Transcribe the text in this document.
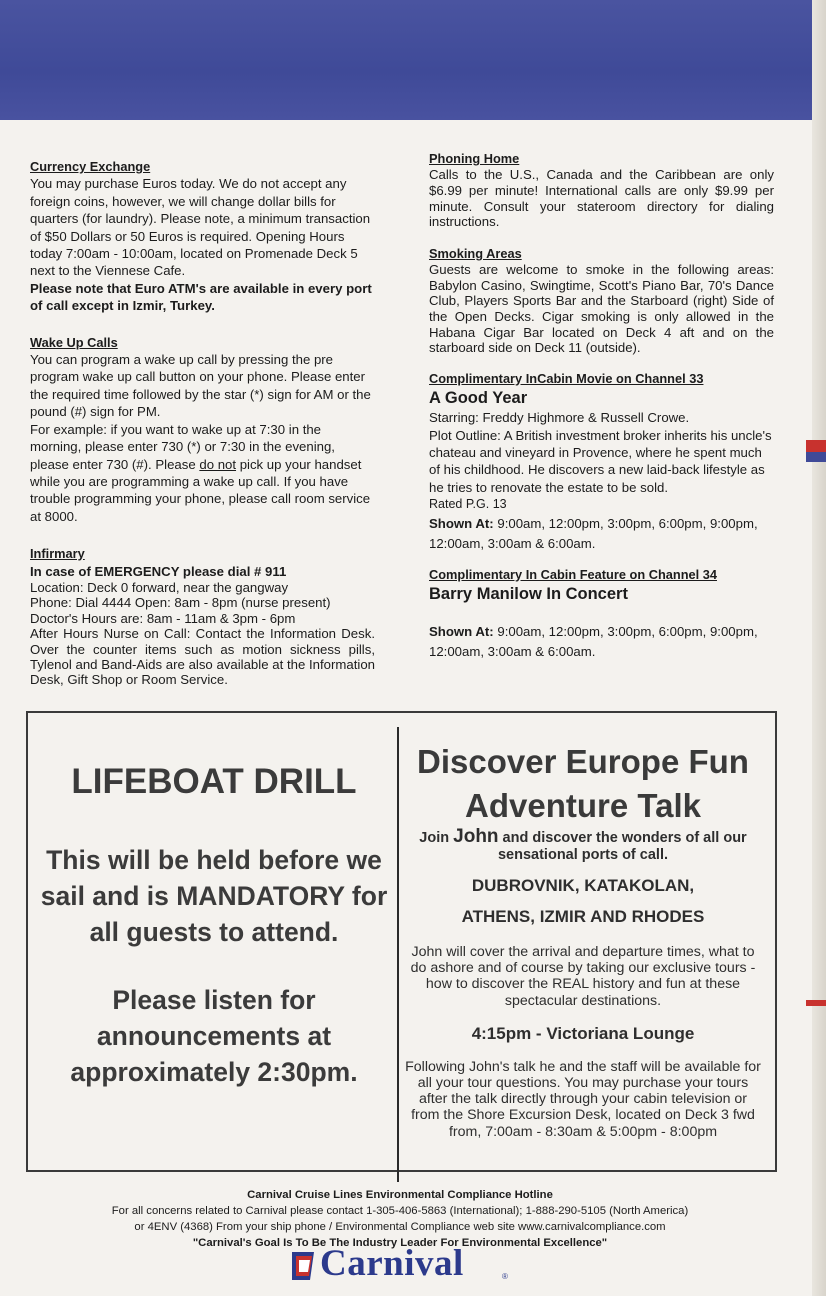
Currency Exchange

You may purchase Euros today. We do not accept any foreign coins, however, we will change dollar bills for quarters (for laundry). Please note, a minimum transaction of $50 Dollars or 50 Euros is required. Opening Hours today 7:00am - 10:00am, located on Promenade Deck 5 next to the Viennese Cafe.

Please note that Euro ATM's are available in every port of call except in Izmir, Turkey.

Wake Up Calls

You can program a wake up call by pressing the pre program wake up call button on your phone. Please enter the required time followed by the star (*) sign for AM or the pound (#) sign for PM.

For example: if you want to wake up at 7:30 in the morning, please enter 730 (*) or 7:30 in the evening, please enter 730 (#). Please do not pick up your handset while you are programming a wake up call. If you have trouble programming your phone, please call room service at 8000.

Infirmary

In case of EMERGENCY please dial # 911

Location: Deck 0 forward, near the gangway

Phone: Dial 4444 Open: 8am - 8pm (nurse present)

Doctor's Hours are: 8am - 11am & 3pm - 6pm

After Hours Nurse on Call: Contact the Information Desk. Over the counter items such as motion sickness pills, Tylenol and Band-Aids are also available at the Information Desk, Gift Shop or Room Service.

Phoning Home

Calls to the U.S., Canada and the Caribbean are only $6.99 per minute! International calls are only $9.99 per minute. Consult your stateroom directory for dialing instructions.

Smoking Areas

Guests are welcome to smoke in the following areas: Babylon Casino, Swingtime, Scott's Piano Bar, 70's Dance Club, Players Sports Bar and the Starboard (right) Side of the Open Decks. Cigar smoking is only allowed in the Habana Cigar Bar located on Deck 4 aft and on the starboard side on Deck 11 (outside).

Complimentary InCabin Movie on Channel 33

A Good Year

Starring: Freddy Highmore & Russell Crowe.

Plot Outline: A British investment broker inherits his uncle's chateau and vineyard in Provence, where he spent much of his childhood. He discovers a new laid-back lifestyle as he tries to renovate the estate to be sold.

Rated P.G. 13

Shown At: 9:00am, 12:00pm, 3:00pm, 6:00pm, 9:00pm, 12:00am, 3:00am & 6:00am.

Complimentary In Cabin Feature on Channel 34

Barry Manilow In Concert

Shown At: 9:00am, 12:00pm, 3:00pm, 6:00pm, 9:00pm, 12:00am, 3:00am & 6:00am.

LIFEBOAT DRILL

This will be held before we sail and is MANDATORY for all guests to attend.

Please listen for announcements at approximately 2:30pm.

Discover Europe Fun Adventure Talk

Join John and discover the wonders of all our sensational ports of call.

DUBROVNIK, KATAKOLAN,

ATHENS, IZMIR AND RHODES

John will cover the arrival and departure times, what to do ashore and of course by taking our exclusive tours - how to discover the REAL history and fun at these spectacular destinations.

4:15pm - Victoriana Lounge

Following John's talk he and the staff will be available for all your tour questions. You may purchase your tours after the talk directly through your cabin television or from the Shore Excursion Desk, located on Deck 3 fwd from, 7:00am - 8:30am & 5:00pm - 8:00pm

Carnival Cruise Lines Environmental Compliance Hotline
For all concerns related to Carnival please contact 1-305-406-5863 (International); 1-888-290-5105 (North America)
or 4ENV (4368) From your ship phone / Environmental Compliance web site www.carnivalcompliance.com
"Carnival's Goal Is To Be The Industry Leader For Environmental Excellence"
Carnival	®
